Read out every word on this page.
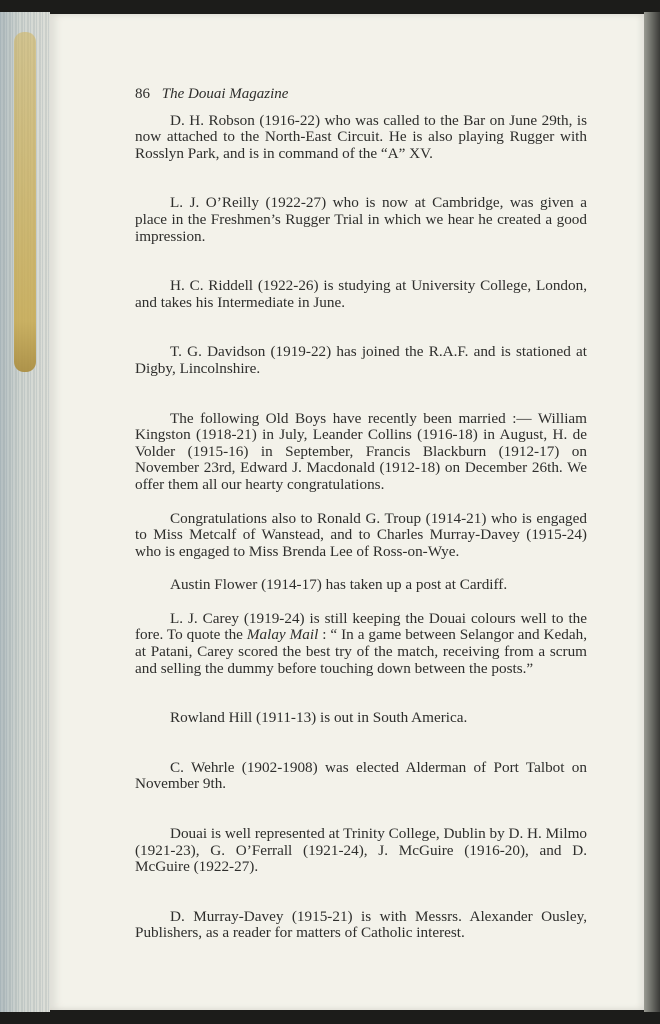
86 The Douai Magazine

D. H. Robson (1916-22) who was called to the Bar on June 29th, is now attached to the North-East Circuit. He is also playing Rugger with Rosslyn Park, and is in command of the “A” XV.

L. J. O’Reilly (1922-27) who is now at Cambridge, was given a place in the Freshmen’s Rugger Trial in which we hear he created a good impression.

H. C. Riddell (1922-26) is studying at University College, London, and takes his Intermediate in June.

T. G. Davidson (1919-22) has joined the R.A.F. and is stationed at Digby, Lincolnshire.

The following Old Boys have recently been married :— William Kingston (1918-21) in July, Leander Collins (1916-18) in August, H. de Volder (1915-16) in September, Francis Blackburn (1912-17) on November 23rd, Edward J. Macdonald (1912-18) on December 26th. We offer them all our hearty congratulations.

Congratulations also to Ronald G. Troup (1914-21) who is engaged to Miss Metcalf of Wanstead, and to Charles Murray-Davey (1915-24) who is engaged to Miss Brenda Lee of Ross-on-Wye.

Austin Flower (1914-17) has taken up a post at Cardiff.

L. J. Carey (1919-24) is still keeping the Douai colours well to the fore. To quote the Malay Mail : “ In a game between Selangor and Kedah, at Patani, Carey scored the best try of the match, receiving from a scrum and selling the dummy before touching down between the posts.”

Rowland Hill (1911-13) is out in South America.

C. Wehrle (1902-1908) was elected Alderman of Port Talbot on November 9th.

Douai is well represented at Trinity College, Dublin by D. H. Milmo (1921-23), G. O’Ferrall (1921-24), J. McGuire (1916-20), and D. McGuire (1922-27).

D. Murray-Davey (1915-21) is with Messrs. Alexander Ousley, Publishers, as a reader for matters of Catholic interest.
